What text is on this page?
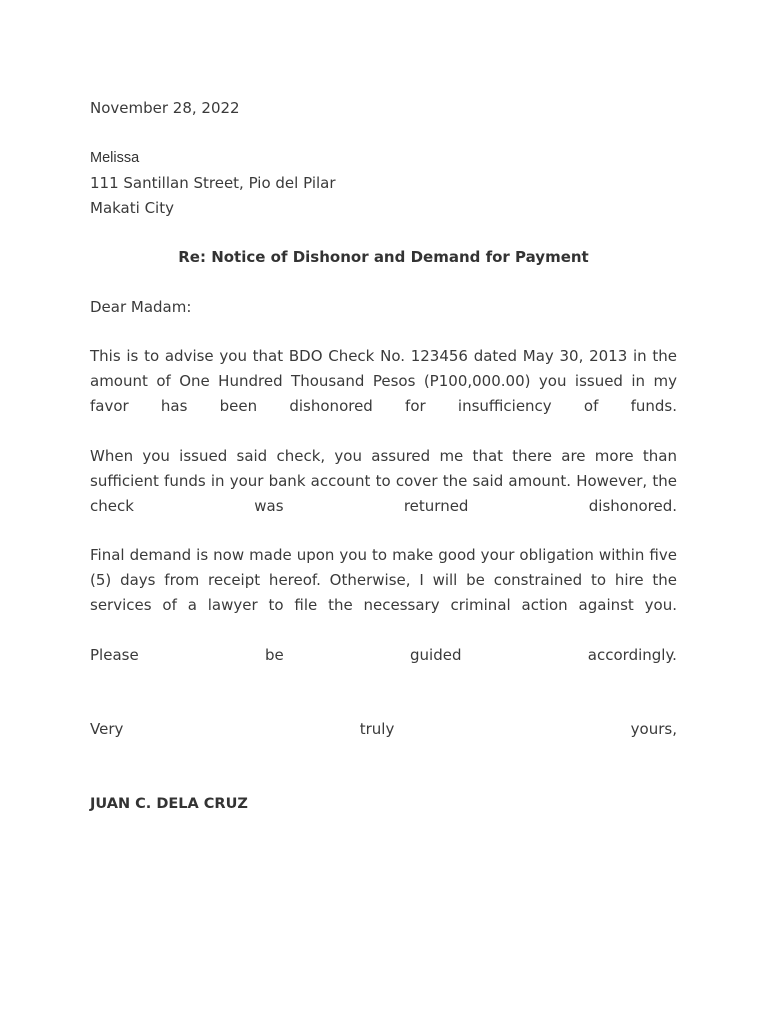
November 28, 2022
Melissa
111 Santillan Street, Pio del Pilar
Makati City
Re: Notice of Dishonor and Demand for Payment
Dear Madam:
This is to advise you that BDO Check No. 123456 dated May 30, 2013 in the amount of One Hundred Thousand Pesos (P100,000.00) you issued in my favor has been dishonored for insufficiency of funds.
When you issued said check, you assured me that there are more than sufficient funds in your bank account to cover the said amount. However, the check was returned dishonored.
Final demand is now made upon you to make good your obligation within five (5) days from receipt hereof. Otherwise, I will be constrained to hire the services of a lawyer to file the necessary criminal action against you.
Please	be	guided	accordingly.
Very	truly	yours,
JUAN C. DELA CRUZ
